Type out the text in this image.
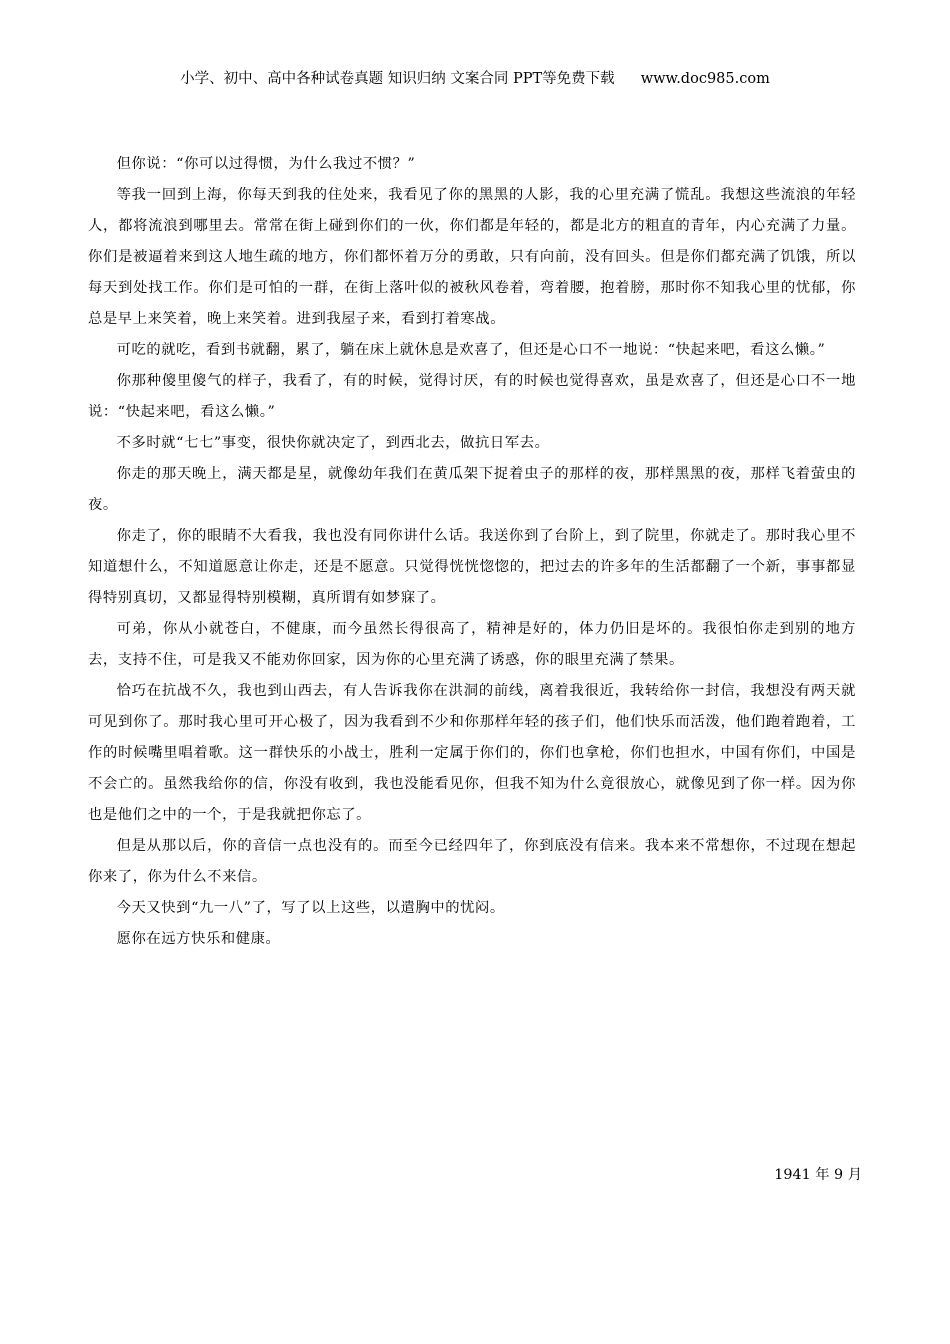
小学、初中、高中各种试卷真题 知识归纳 文案合同 PPT等免费下载 www.doc985.com

但你说：“你可以过得惯，为什么我过不惯？”

等我一回到上海，你每天到我的住处来，我看见了你的黑黑的人影，我的心里充满了慌乱。我想这些流浪的年轻人，都将流浪到哪里去。常常在街上碰到你们的一伙，你们都是年轻的，都是北方的粗直的青年，内心充满了力量。你们是被逼着来到这人地生疏的地方，你们都怀着万分的勇敢，只有向前，没有回头。但是你们都充满了饥饿，所以每天到处找工作。你们是可怕的一群，在街上落叶似的被秋风卷着，弯着腰，抱着膀，那时你不知我心里的忧郁，你总是早上来笑着，晚上来笑着。进到我屋子来，看到打着寒战。

可吃的就吃，看到书就翻，累了，躺在床上就休息是欢喜了，但还是心口不一地说：“快起来吧，看这么懒。”

你那种傻里傻气的样子，我看了，有的时候，觉得讨厌，有的时候也觉得喜欢，虽是欢喜了，但还是心口不一地说：“快起来吧，看这么懒。”

不多时就“七七”事变，很快你就决定了，到西北去，做抗日军去。

你走的那天晚上，满天都是星，就像幼年我们在黄瓜架下捉着虫子的那样的夜，那样黑黑的夜，那样飞着萤虫的夜。

你走了，你的眼睛不大看我，我也没有同你讲什么话。我送你到了台阶上，到了院里，你就走了。那时我心里不知道想什么，不知道愿意让你走，还是不愿意。只觉得恍恍惚惚的，把过去的许多年的生活都翻了一个新，事事都显得特别真切，又都显得特别模糊，真所谓有如梦寐了。

可弟，你从小就苍白，不健康，而今虽然长得很高了，精神是好的，体力仍旧是坏的。我很怕你走到别的地方去，支持不住，可是我又不能劝你回家，因为你的心里充满了诱惑，你的眼里充满了禁果。

恰巧在抗战不久，我也到山西去，有人告诉我你在洪洞的前线，离着我很近，我转给你一封信，我想没有两天就可见到你了。那时我心里可开心极了，因为我看到不少和你那样年轻的孩子们，他们快乐而活泼，他们跑着跑着，工作的时候嘴里唱着歌。这一群快乐的小战士，胜利一定属于你们的，你们也拿枪，你们也担水，中国有你们，中国是不会亡的。虽然我给你的信，你没有收到，我也没能看见你，但我不知为什么竟很放心，就像见到了你一样。因为你也是他们之中的一个，于是我就把你忘了。

但是从那以后，你的音信一点也没有的。而至今已经四年了，你到底没有信来。我本来不常想你，不过现在想起你来了，你为什么不来信。

今天又快到“九一八”了，写了以上这些，以遣胸中的忧闷。

愿你在远方快乐和健康。

1941 年 9 月
